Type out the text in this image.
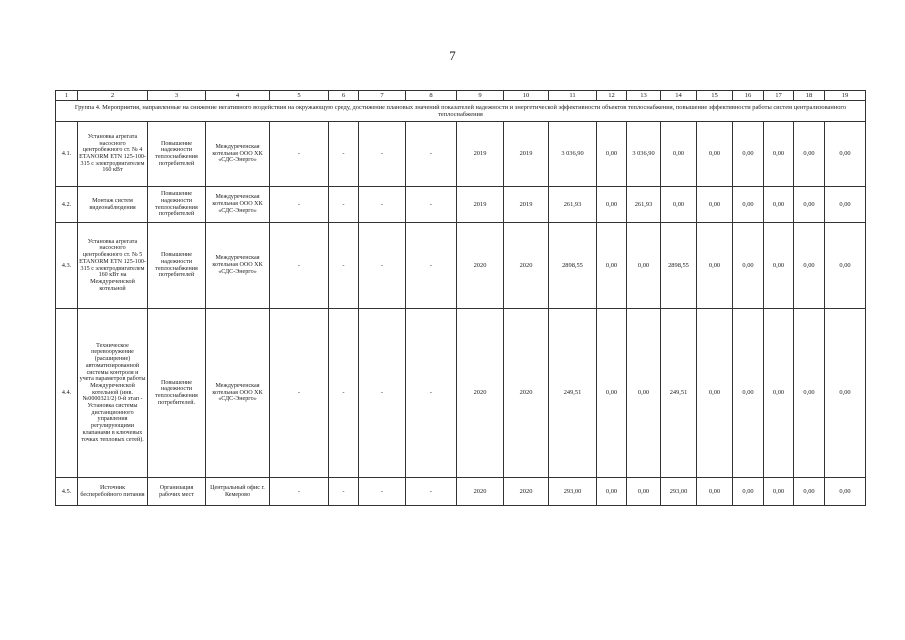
7
1	2	3	4	5	6	7	8	9	10	11	12	13	14	15	16	17	18	19
Группа 4. Мероприятия, направленные на снижение негативного воздействия на окружающую среду, достижение плановых значений показателей надежности и энергетической эффективности объектов теплоснабжения, повышение эффективности работы систем централизованного теплоснабжения																		
4.1.	Установка агрегата насосного центробежного ст. № 4 ETANORM ETN 125-100-315 с электродвигателем 160 кВт	Повышение надежности теплоснабжения потребителей	Междуреченская котельная ООО ХК «СДС-Энерго»	-	-	-	-	2019	2019	3 036,90	0,00	3 036,90	0,00	0,00	0,00	0,00	0,00	0,00
4.2.	Монтаж систем видеонаблюдения	Повышение надежности теплоснабжения потребителей	Междуреченская котельная ООО ХК «СДС-Энерго»	-	-	-	-	2019	2019	261,93	0,00	261,93	0,00	0,00	0,00	0,00	0,00	0,00
4.3.	Установка агрегата насосного центробежного ст. № 5 ETANORM ETN 125-100-315 с электродвигателем 160 кВт на Междуреченской котельной	Повышение надежности теплоснабжения потребителей	Междуреченская котельная ООО ХК «СДС-Энерго»	-	-	-	-	2020	2020	2898,55	0,00	0,00	2898,55	0,00	0,00	0,00	0,00	0,00
4.4.	Техническое перевооружение (расширение) автоматизированной системы контроля и учета параметров работы Междуреченской котельной (инв. №0000321/2) 0-й этап - Установка системы дистанционного управления регулирующими клапанами в ключевых точках тепловых сетей).	Повышение надежности теплоснабжения потребителей.	Междуреченская котельная ООО ХК «СДС-Энерго»	-	-	-	-	2020	2020	249,51	0,00	0,00	249,51	0,00	0,00	0,00	0,00	0,00
4.5.	Источник бесперебойного питания	Организация рабочих мест	Центральный офис г. Кемерово	-	-	-	-	2020	2020	293,00	0,00	0,00	293,00	0,00	0,00	0,00	0,00	0,00
